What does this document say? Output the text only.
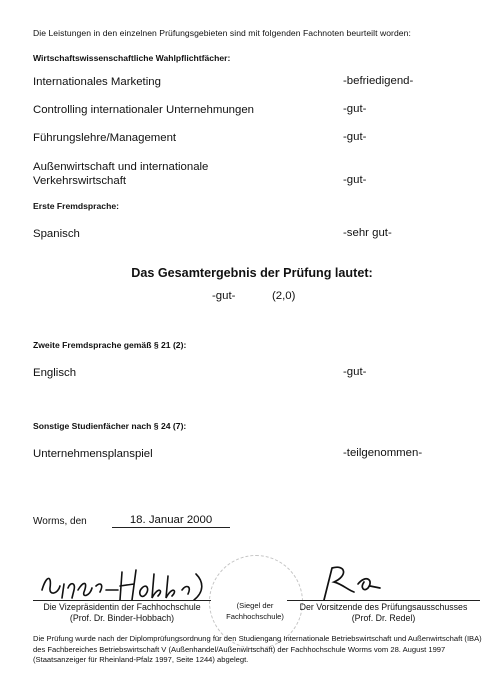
Die Leistungen in den einzelnen Prüfungsgebieten sind mit folgenden Fachnoten beurteilt worden:
Wirtschaftswissenschaftliche Wahlpflichtfächer:
Internationales Marketing	-befriedigend-
Controlling internationaler Unternehmungen	-gut-
Führungslehre/Management	-gut-
Außenwirtschaft und internationale
Verkehrswirtschaft	-gut-
Erste Fremdsprache:
Spanisch	-sehr gut-
Das Gesamtergebnis der Prüfung lautet:
-gut-	(2,0)
Zweite Fremdsprache gemäß § 21 (2):
Englisch	-gut-
Sonstige Studienfächer nach § 24 (7):
Unternehmensplanspiel	-teilgenommen-
Worms, den	18. Januar 2000
Die Vizepräsidentin der Fachhochschule
(Prof. Dr. Binder-Hobbach)
(Siegel der
Fachhochschule)
Der Vorsitzende des Prüfungsausschusses
(Prof. Dr. Redel)
Die Prüfung wurde nach der Diplomprüfungsordnung für den Studiengang Internationale Betriebswirtschaft und Außenwirtschaft (IBA) des Fachbereiches Betriebswirtschaft V (Außenhandel/Außenwirtschaft) der Fachhochschule Worms vom 28. August 1997 (Staatsanzeiger für Rheinland-Pfalz 1997, Seite 1244) abgelegt.
